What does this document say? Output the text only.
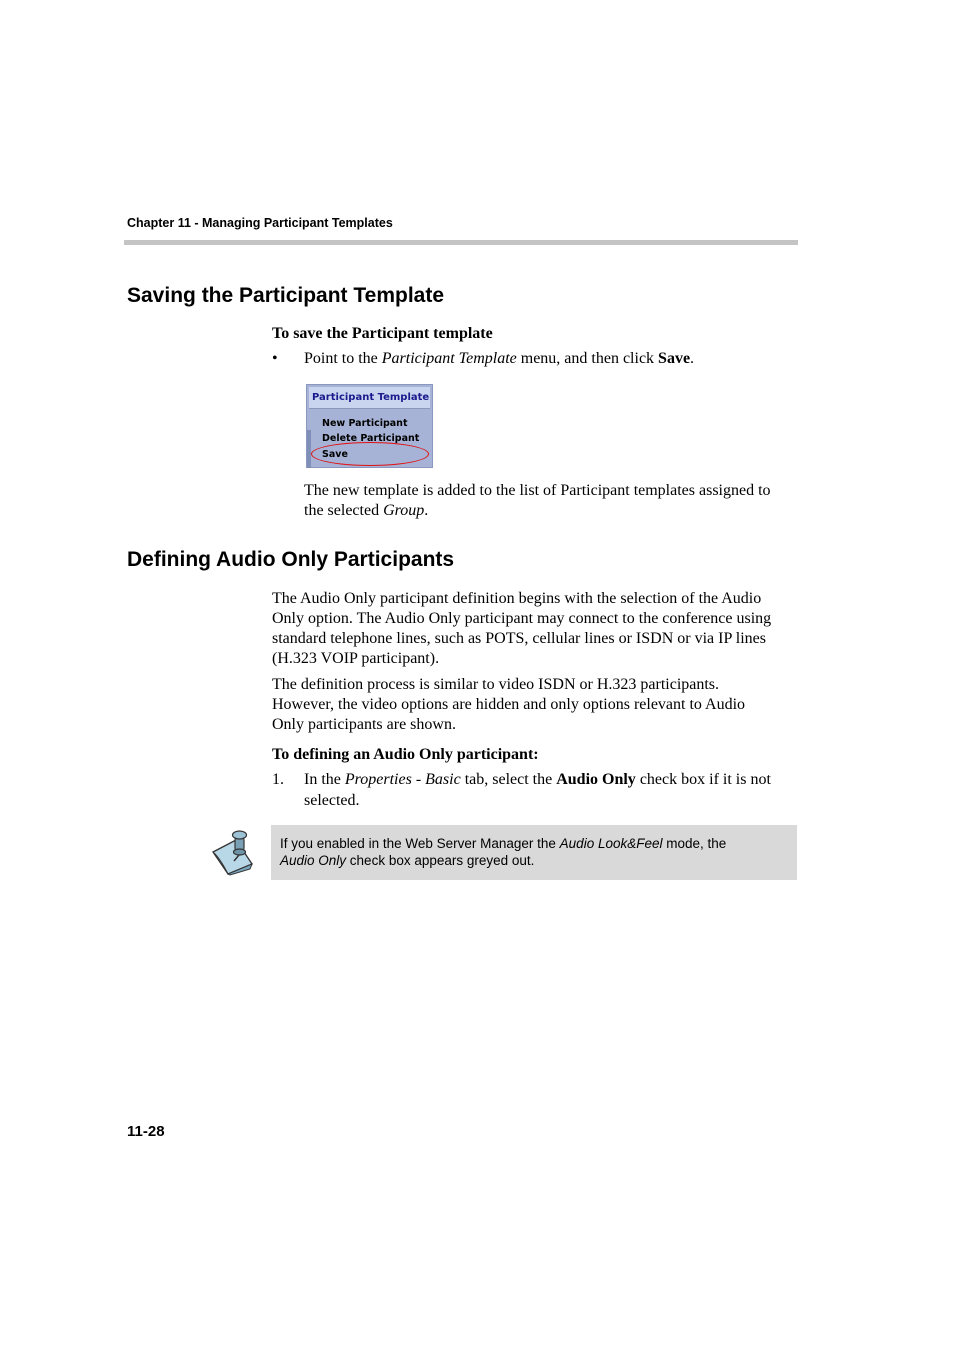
Chapter 11 - Managing Participant Templates
Saving the Participant Template

To save the Participant template

• Point to the Participant Template menu, and then click Save.

Participant Template
New Participant
Delete Participant
Save

The new template is added to the list of Participant templates assigned to

the selected Group.

Defining Audio Only Participants
The Audio Only participant definition begins with the selection of the Audio
Only option. The Audio Only participant may connect to the conference using
standard telephone lines, such as POTS, cellular lines or ISDN or via IP lines
(H.323 VOIP participant).
The definition process is similar to video ISDN or H.323 participants.
However, the video options are hidden and only options relevant to Audio
Only participants are shown.

To defining an Audio Only participant:

1. In the Properties - Basic tab, select the Audio Only check box if it is not

selected.

If you enabled in the Web Server Manager the Audio Look&Feel mode, the
Audio Only check box appears greyed out.
11-28
